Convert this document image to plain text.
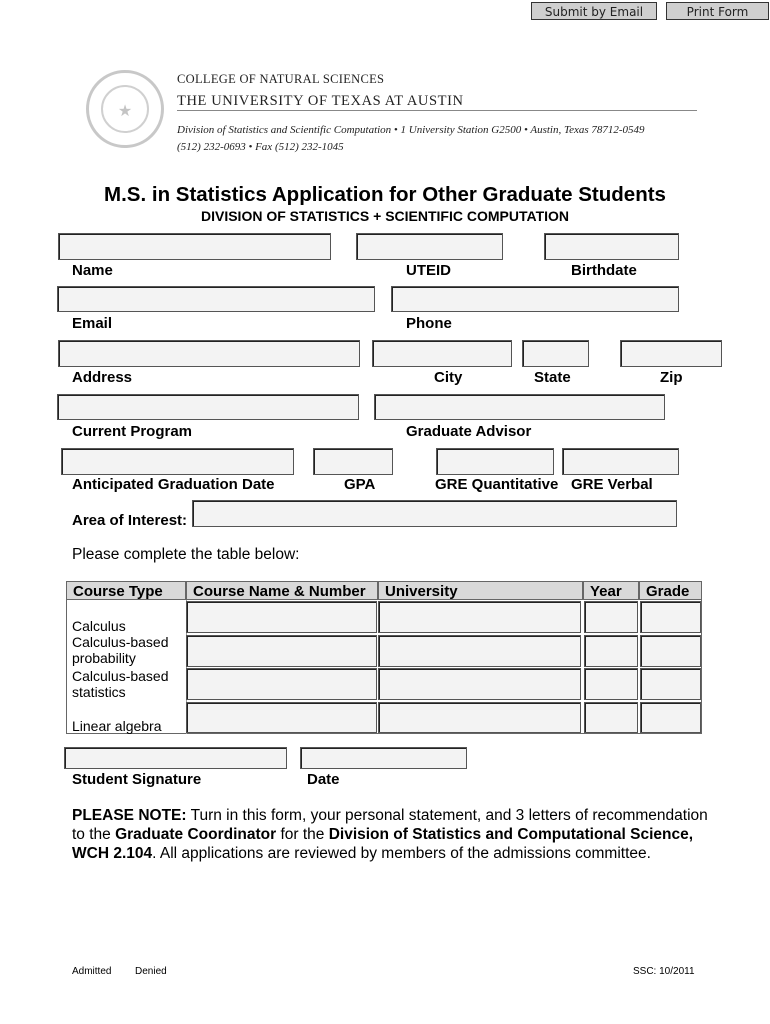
Submit by Email	Print Form
★
COLLEGE OF NATURAL SCIENCES
THE UNIVERSITY OF TEXAS AT AUSTIN
Division of Statistics and Scientific Computation • 1 University Station G2500 • Austin, Texas 78712-0549
(512) 232-0693 • Fax (512) 232-1045
M.S. in Statistics Application for Other Graduate Students
DIVISION OF STATISTICS + SCIENTIFIC COMPUTATION
Name	UTEID	Birthdate
Email	Phone
Address	City	State	Zip
Current Program	Graduate Advisor
Anticipated Graduation Date	GPA	GRE Quantitative GRE Verbal
Area of Interest:
Please complete the table below:
Course Type	Course Name & Number	University	Year	Grade
Calculus
Calculus-based probability
Calculus-based statistics
Linear algebra
Student Signature	Date
PLEASE NOTE: Turn in this form, your personal statement, and 3 letters of recommendation to the Graduate Coordinator for the Division of Statistics and Computational Science, WCH 2.104. All applications are reviewed by members of the admissions committee.
Admitted Denied	SSC: 10/2011
